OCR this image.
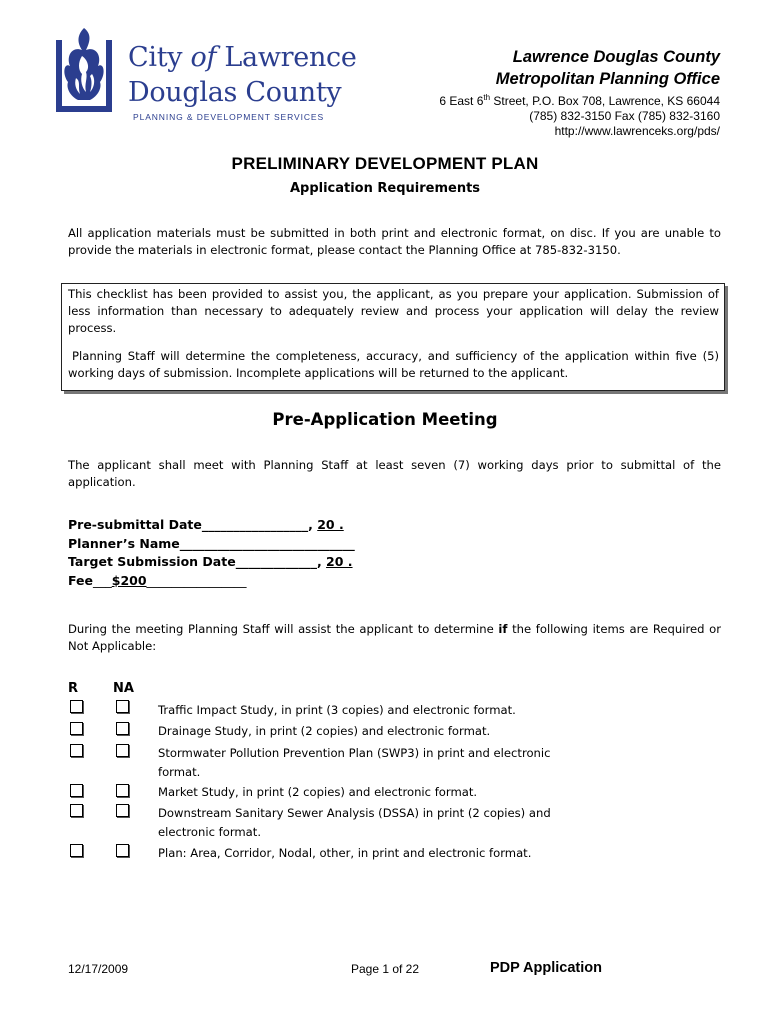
City of Lawrence
Douglas County
PLANNING & DEVELOPMENT SERVICES
Lawrence Douglas County
Metropolitan Planning Office
6 East 6th Street, P.O. Box 708, Lawrence, KS 66044
(785) 832-3150 Fax (785) 832-3160
http://www.lawrenceks.org/pds/
PRELIMINARY DEVELOPMENT PLAN
Application Requirements
All application materials must be submitted in both print and electronic format, on disc. If you are unable to provide the materials in electronic format, please contact the Planning Office at 785-832-3150.

This checklist has been provided to assist you, the applicant, as you prepare your application. Submission of less information than necessary to adequately review and process your application will delay the review process.

Planning Staff will determine the completeness, accuracy, and sufficiency of the application within five (5) working days of submission. Incomplete applications will be returned to the applicant.

Pre-Application Meeting
The applicant shall meet with Planning Staff at least seven (7) working days prior to submittal of the application.
Pre-submittal Date_________________, 20 .
Planner’s Name____________________________
Target Submission Date_____________, 20 .
Fee___$200________________
During the meeting Planning Staff will assist the applicant to determine if the following items are Required or Not Applicable:
R	NA
Traffic Impact Study, in print (3 copies) and electronic format.
Drainage Study, in print (2 copies) and electronic format.
Stormwater Pollution Prevention Plan (SWP3) in print and electronic format.
Market Study, in print (2 copies) and electronic format.
Downstream Sanitary Sewer Analysis (DSSA) in print (2 copies) and electronic format.
Plan: Area, Corridor, Nodal, other, in print and electronic format.
12/17/2009	Page 1 of 22	PDP Application
